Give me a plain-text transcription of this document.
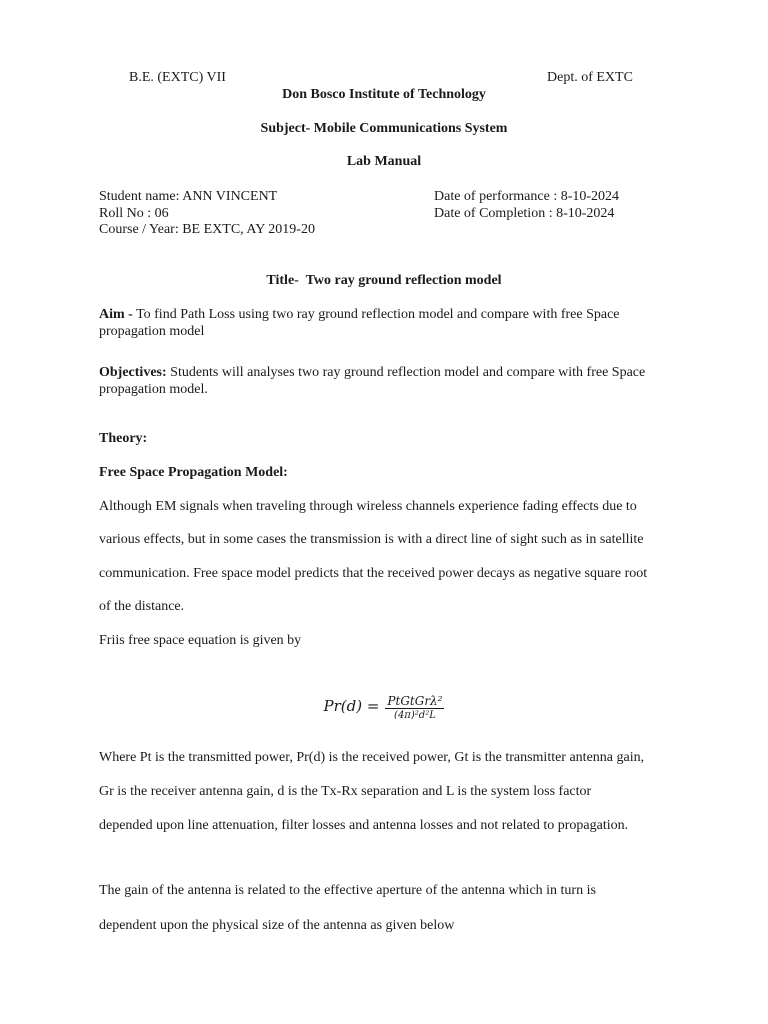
B.E. (EXTC) VII	Dept. of EXTC
Don Bosco Institute of Technology
Subject- Mobile Communications System
Lab Manual
Student name: ANN VINCENT
Roll No : 06
Course / Year: BE EXTC, AY 2019-20
Date of performance : 8-10-2024
Date of Completion : 8-10-2024
Title-  Two ray ground reflection model
Aim - To find Path Loss using two ray ground reflection model and compare with free Space propagation model
Objectives: Students will analyses two ray ground reflection model and compare with free Space propagation model.
Theory:
Free Space Propagation Model:
Although EM signals when traveling through wireless channels experience fading effects due to
various effects, but in some cases the transmission is with a direct line of sight such as in satellite
communication. Free space model predicts that the received power decays as negative square root
of the distance.
Friis free space equation is given by
$Pr(d) = \frac{\text{PtGtGrλ²}}{\text{(4π)²d²L}}$
Where Pt is the transmitted power, Pr(d) is the received power, Gt is the transmitter antenna gain,
Gr is the receiver antenna gain, d is the Tx-Rx separation and L is the system loss factor
depended upon line attenuation, filter losses and antenna losses and not related to propagation.
The gain of the antenna is related to the effective aperture of the antenna which in turn is
dependent upon the physical size of the antenna as given below
